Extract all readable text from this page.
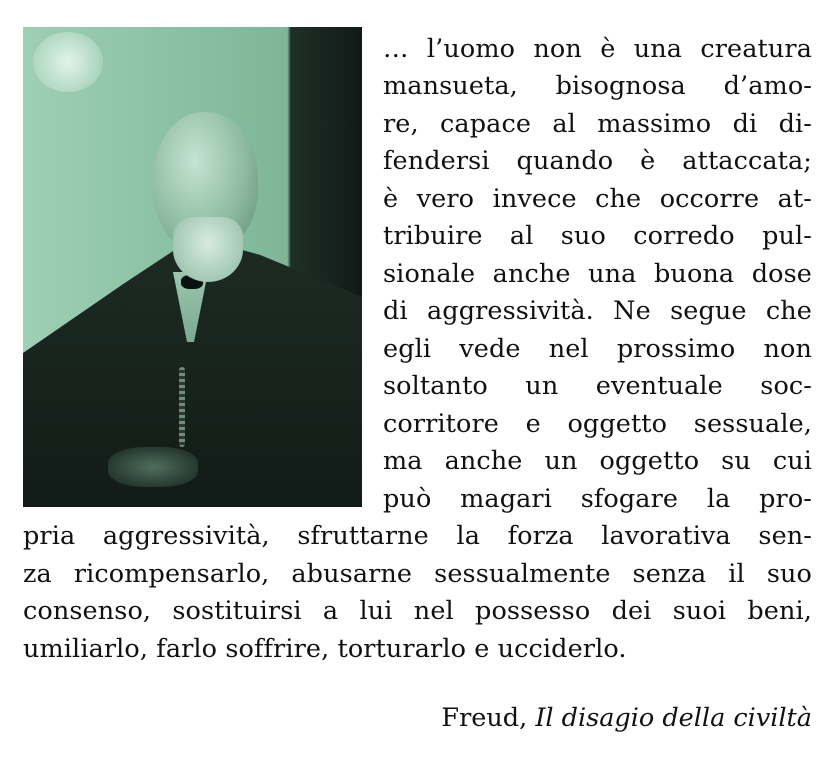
… l’uomo non è una creatura
mansueta, bisognosa d’amo-
re, capace al massimo di di-
fendersi quando è attaccata;
è vero invece che occorre at-
tribuire al suo corredo pul-
sionale anche una buona dose
di aggressività. Ne segue che
egli vede nel prossimo non
soltanto un eventuale soc-
corritore e oggetto sessuale,
ma anche un oggetto su cui
può magari sfogare la pro-
pria aggressività, sfruttarne la forza lavorativa sen-
za ricompensarlo, abusarne sessualmente senza il suo
consenso, sostituirsi a lui nel possesso dei suoi beni,
umiliarlo, farlo soffrire, torturarlo e ucciderlo.
Freud, Il disagio della civiltà
